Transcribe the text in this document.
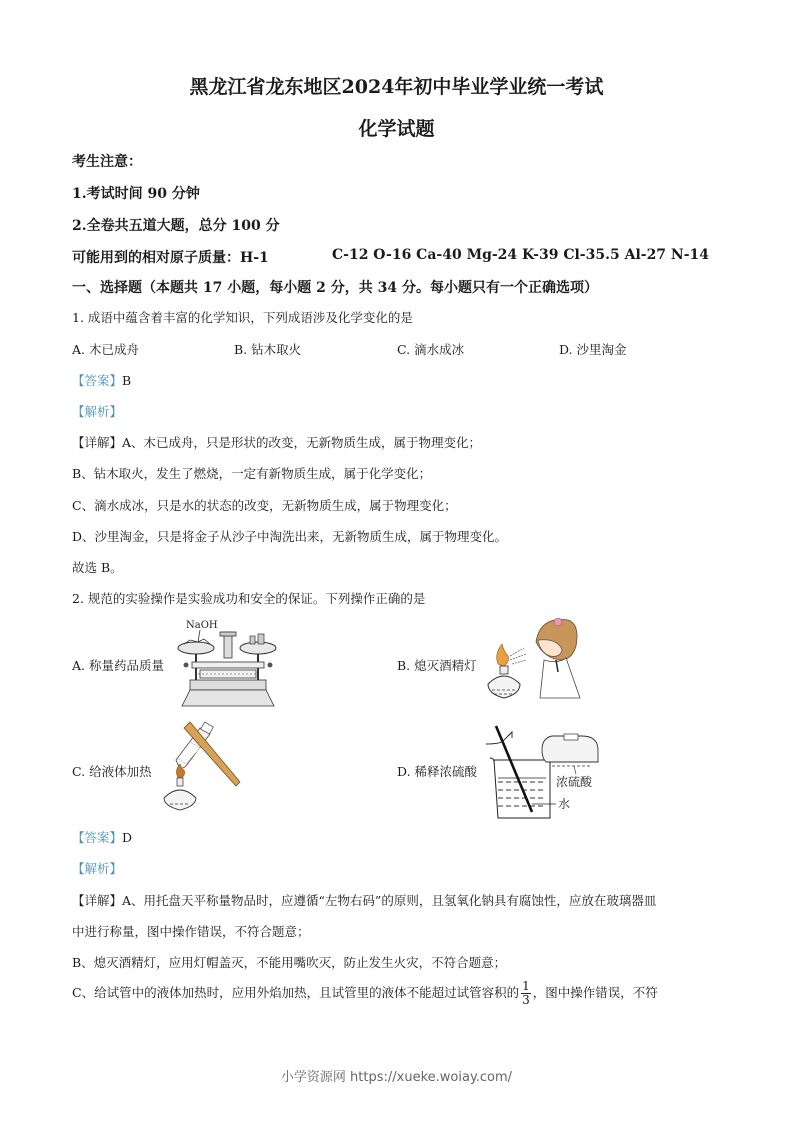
黑龙江省龙东地区2024年初中毕业学业统一考试
化学试题
考生注意：
1.考试时间 90 分钟
2.全卷共五道大题，总分 100 分
可能用到的相对原子质量：H-1	C-12 O-16 Ca-40 Mg-24 K-39 Cl-35.5 Al-27 N-14
一、选择题（本题共 17 小题，每小题 2 分，共 34 分。每小题只有一个正确选项）
1. 成语中蕴含着丰富的化学知识，下列成语涉及化学变化的是
A. 木已成舟	B. 钻木取火	C. 滴水成冰	D. 沙里淘金
【答案】B
【解析】
【详解】A、木已成舟，只是形状的改变，无新物质生成，属于物理变化；
B、钻木取火，发生了燃烧，一定有新物质生成，属于化学变化；
C、滴水成冰，只是水的状态的改变，无新物质生成，属于物理变化；
D、沙里淘金，只是将金子从沙子中淘洗出来，无新物质生成，属于物理变化。
故选 B。
2. 规范的实验操作是实验成功和安全的保证。下列操作正确的是
A. 称量药品质量
NaOH
B. 熄灭酒精灯
C. 给液体加热	D. 稀释浓硫酸
浓硫酸
水
【答案】D
【解析】
【详解】A、用托盘天平称量物品时，应遵循“左物右码”的原则，且氢氧化钠具有腐蚀性，应放在玻璃器皿
中进行称量，图中操作错误，不符合题意；
B、熄灭酒精灯，应用灯帽盖灭，不能用嘴吹灭，防止发生火灾，不符合题意；
C、给试管中的液体加热时，应用外焰加热，且试管里的液体不能超过试管容积的 $\frac{1}{3}$ ，图中操作错误，不符
小学资源网 https://xueke.woiay.com/
